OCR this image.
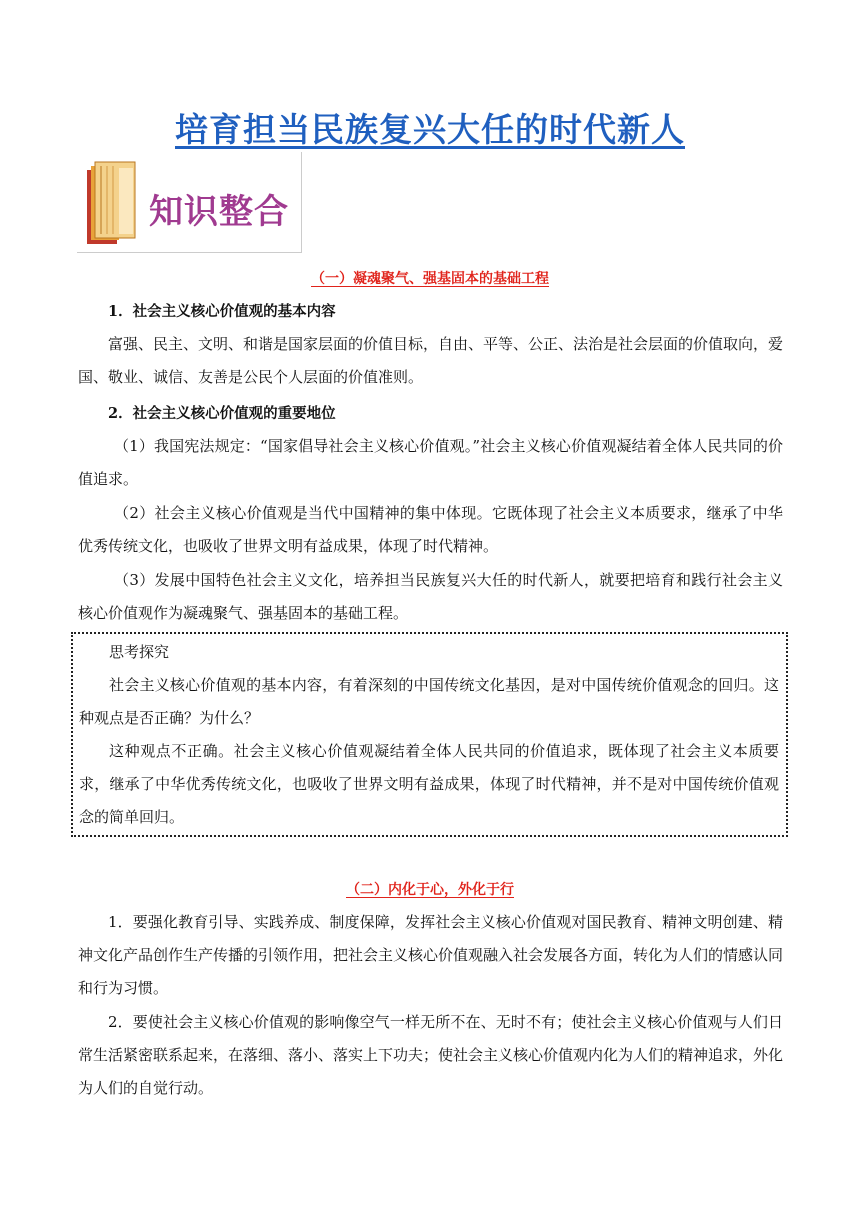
培育担当民族复兴大任的时代新人
知识整合
（一）凝魂聚气、强基固本的基础工程
1．社会主义核心价值观的基本内容

富强、民主、文明、和谐是国家层面的价值目标，自由、平等、公正、法治是社会层面的价值取向，爱国、敬业、诚信、友善是公民个人层面的价值准则。

2．社会主义核心价值观的重要地位

（1）我国宪法规定：“国家倡导社会主义核心价值观。”社会主义核心价值观凝结着全体人民共同的价值追求。

（2）社会主义核心价值观是当代中国精神的集中体现。它既体现了社会主义本质要求，继承了中华优秀传统文化，也吸收了世界文明有益成果，体现了时代精神。

（3）发展中国特色社会主义文化，培养担当民族复兴大任的时代新人，就要把培育和践行社会主义核心价值观作为凝魂聚气、强基固本的基础工程。

思考探究

社会主义核心价值观的基本内容，有着深刻的中国传统文化基因，是对中国传统价值观念的回归。这种观点是否正确？为什么？

这种观点不正确。社会主义核心价值观凝结着全体人民共同的价值追求，既体现了社会主义本质要求，继承了中华优秀传统文化，也吸收了世界文明有益成果，体现了时代精神，并不是对中国传统价值观念的简单回归。

（二）内化于心，外化于行

1．要强化教育引导、实践养成、制度保障，发挥社会主义核心价值观对国民教育、精神文明创建、精神文化产品创作生产传播的引领作用，把社会主义核心价值观融入社会发展各方面，转化为人们的情感认同和行为习惯。

2．要使社会主义核心价值观的影响像空气一样无所不在、无时不有；使社会主义核心价值观与人们日常生活紧密联系起来，在落细、落小、落实上下功夫；使社会主义核心价值观内化为人们的精神追求，外化为人们的自觉行动。
